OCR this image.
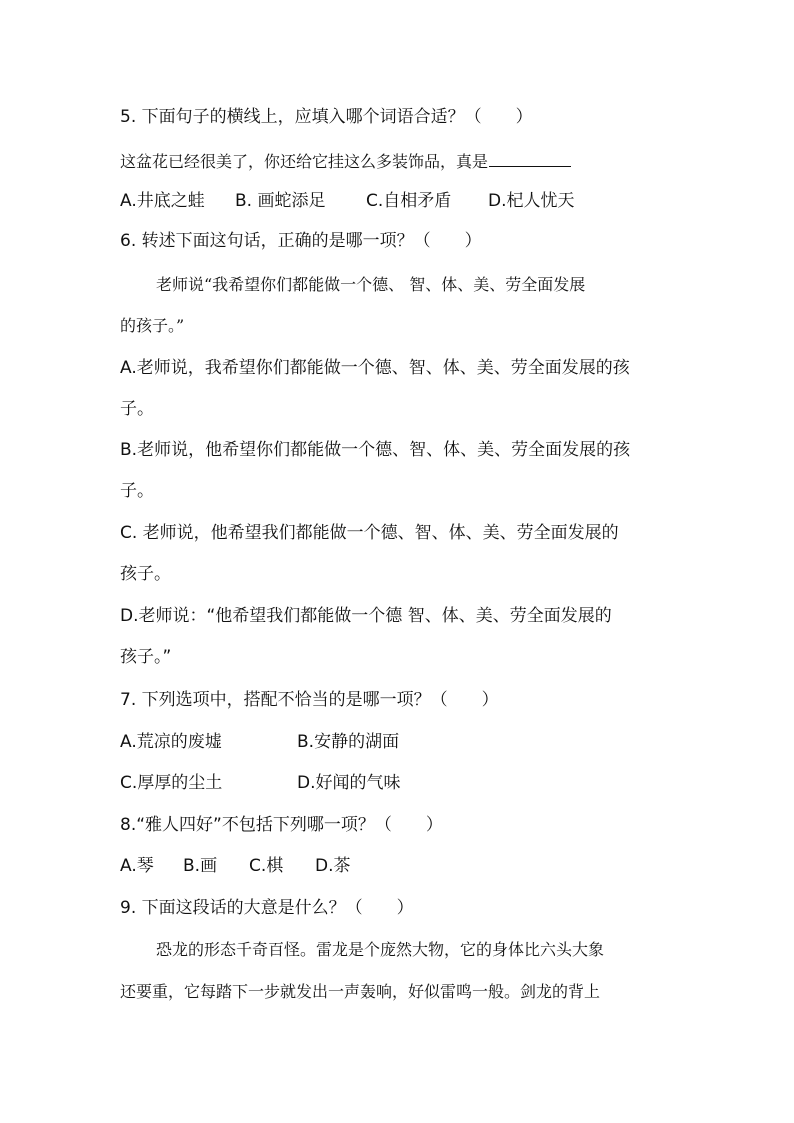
5. 下面句子的横线上，应填入哪个词语合适？（　　）
这盆花已经很美了，你还给它挂这么多装饰品，真是
A.井底之蛙 B. 画蛇添足 C.自相矛盾 D.杞人忧天
6. 转述下面这句话，正确的是哪一项？（　　）
老师说“我希望你们都能做一个德、 智、体、美、劳全面发展
的孩子。”
A.老师说，我希望你们都能做一个德、智、体、美、劳全面发展的孩
子。
B.老师说，他希望你们都能做一个德、智、体、美、劳全面发展的孩
子。
C. 老师说，他希望我们都能做一个德、智、体、美、劳全面发展的
孩子。
D.老师说：“他希望我们都能做一个德 智、体、美、劳全面发展的
孩子。”
7. 下列选项中，搭配不恰当的是哪一项？（　　）
A.荒凉的废墟	B.安静的湖面
C.厚厚的尘土	D.好闻的气味
8.“雅人四好”不包括下列哪一项？（　　）
A.琴 B.画 C.棋 D.茶
9. 下面这段话的大意是什么？（　　）
恐龙的形态千奇百怪。雷龙是个庞然大物，它的身体比六头大象
还要重，它每踏下一步就发出一声轰响，好似雷鸣一般。剑龙的背上
